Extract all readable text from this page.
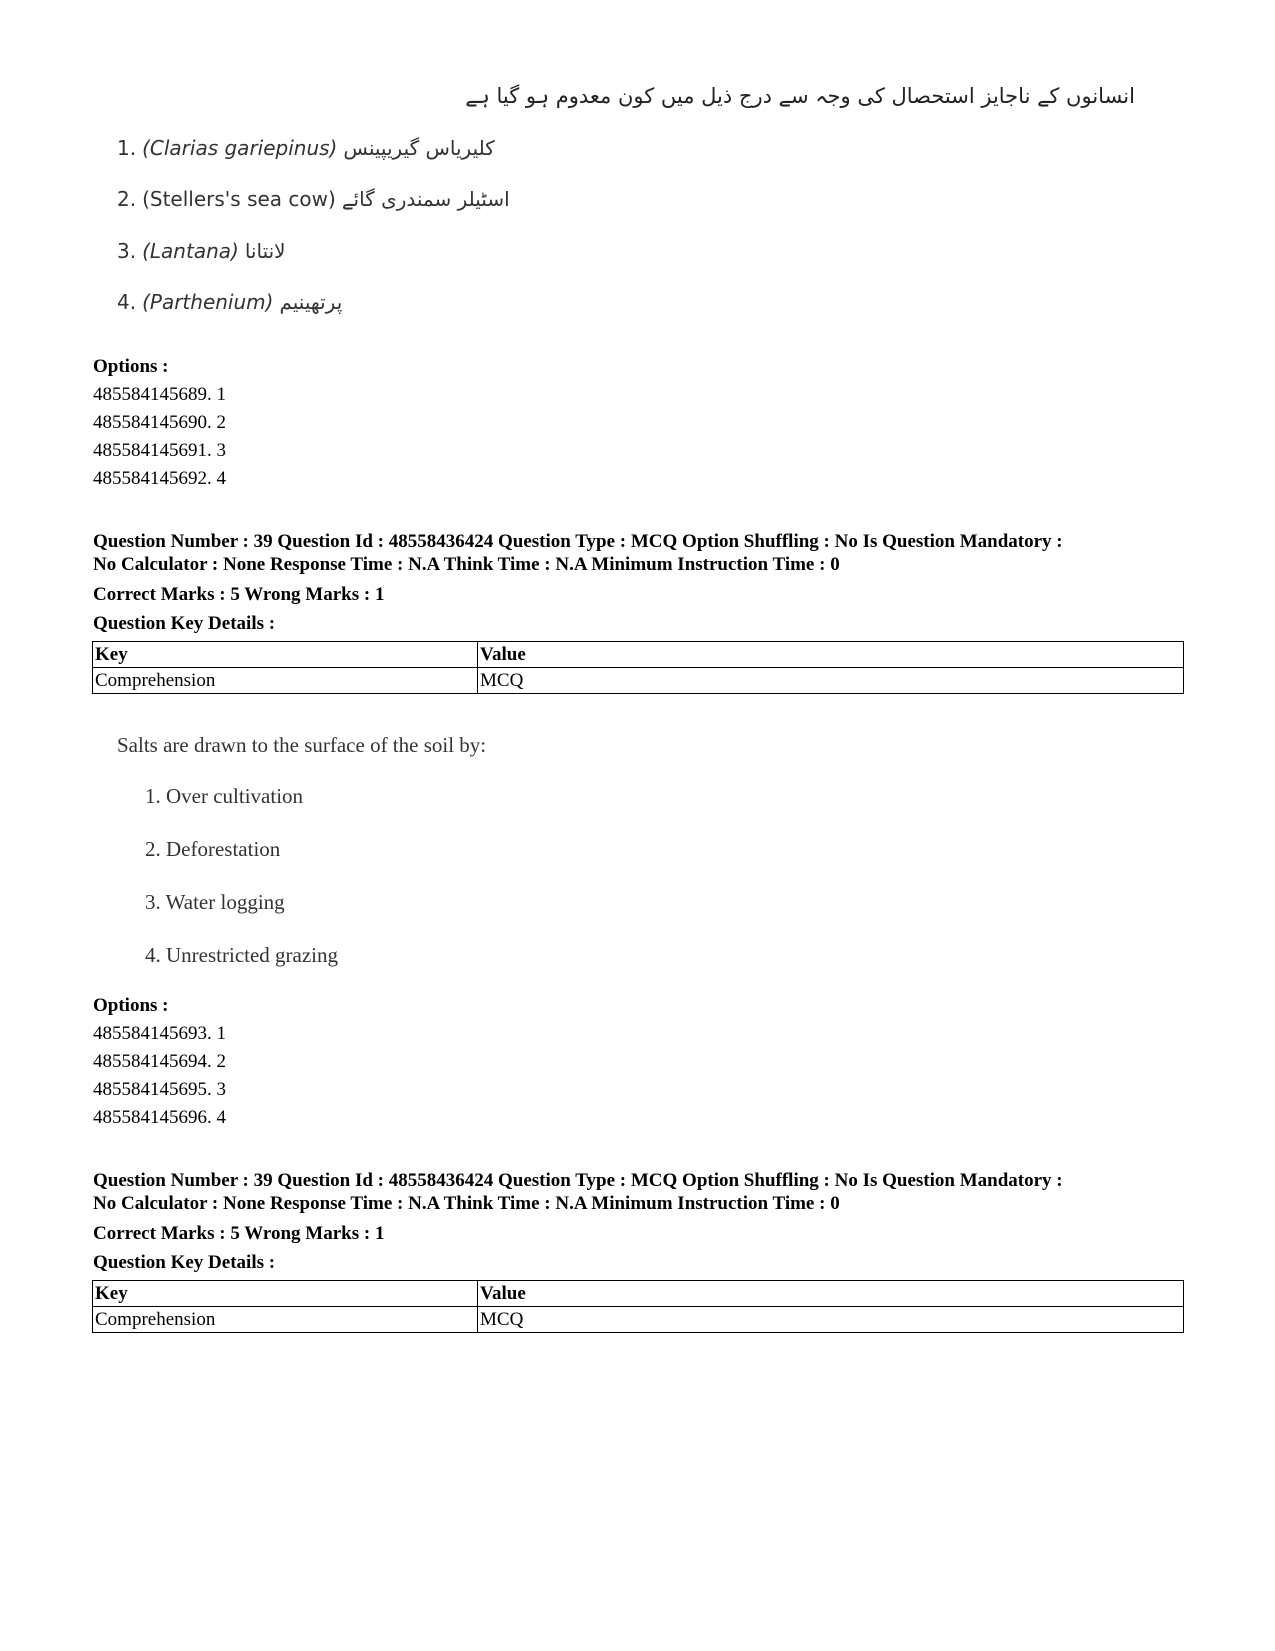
انسانوں کے ناجایز استحصال کی وجہ سے درج ذیل میں کون معدوم ہو گیا ہے
1. (Clarias gariepinus) کلیریاس گیریپینس
2. (Stellers's sea cow) اسٹیلر سمندری گائے
3. (Lantana) لانتانا
4. (Parthenium) پرتھینیم
Options :
485584145689. 1
485584145690. 2
485584145691. 3
485584145692. 4
Question Number : 39 Question Id : 48558436424 Question Type : MCQ Option Shuffling : No Is Question Mandatory :
No Calculator : None Response Time : N.A Think Time : N.A Minimum Instruction Time : 0
Correct Marks : 5 Wrong Marks : 1
Question Key Details :
Key	Value
Comprehension	MCQ
Salts are drawn to the surface of the soil by:
1. Over cultivation
2. Deforestation
3. Water logging
4. Unrestricted grazing
Options :
485584145693. 1
485584145694. 2
485584145695. 3
485584145696. 4
Question Number : 39 Question Id : 48558436424 Question Type : MCQ Option Shuffling : No Is Question Mandatory :
No Calculator : None Response Time : N.A Think Time : N.A Minimum Instruction Time : 0
Correct Marks : 5 Wrong Marks : 1
Question Key Details :
Key	Value
Comprehension	MCQ
